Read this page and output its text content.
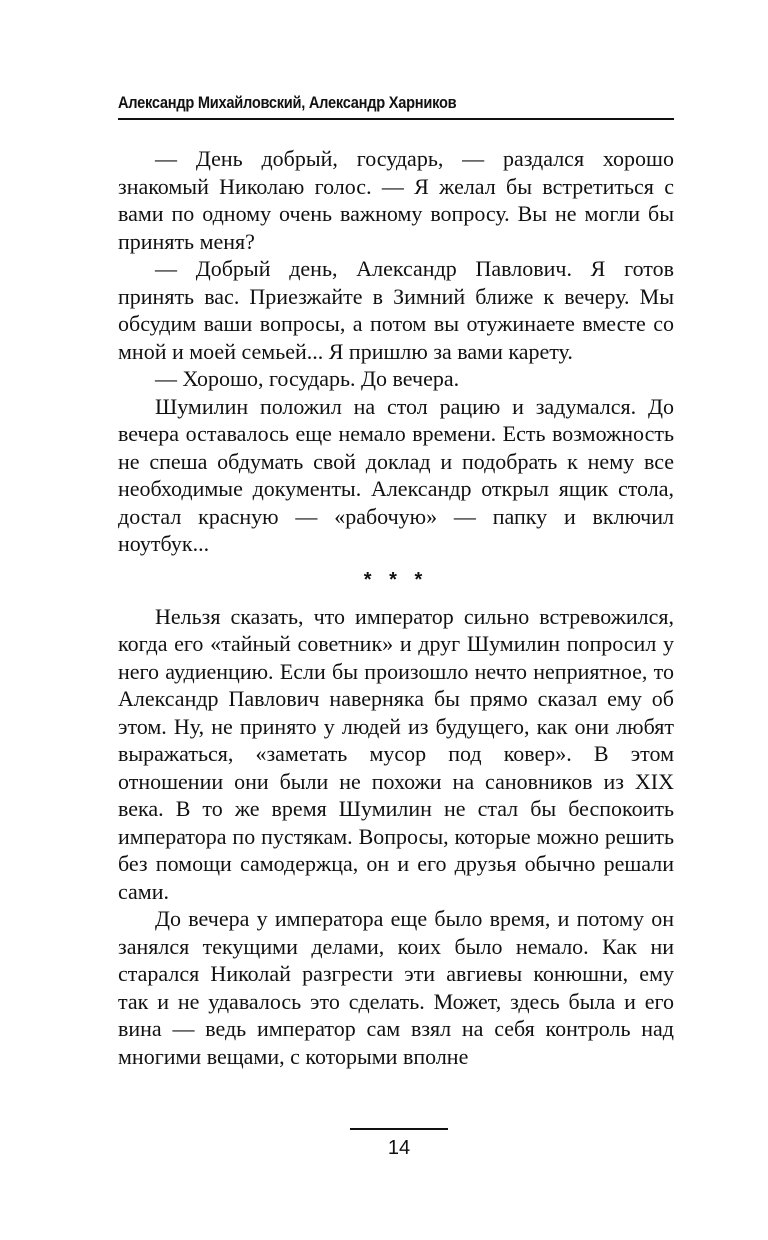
Александр Михайловский, Александр Харников

— День добрый, государь, — раздался хорошо знакомый Николаю голос. — Я желал бы встретиться с вами по одному очень важному вопросу. Вы не могли бы принять меня?

— Добрый день, Александр Павлович. Я готов принять вас. Приезжайте в Зимний ближе к вечеру. Мы обсудим ваши вопросы, а потом вы отужинаете вместе со мной и моей семьей... Я пришлю за вами карету.

— Хорошо, государь. До вечера.

Шумилин положил на стол рацию и задумался. До вечера оставалось еще немало времени. Есть возможность не спеша обдумать свой доклад и подобрать к нему все необходимые документы. Александр открыл ящик стола, достал красную — «рабочую» — папку и включил ноутбук...

* * *

Нельзя сказать, что император сильно встревожился, когда его «тайный советник» и друг Шумилин попросил у него аудиенцию. Если бы произошло нечто неприятное, то Александр Павлович наверняка бы прямо сказал ему об этом. Ну, не принято у людей из будущего, как они любят выражаться, «заметать мусор под ковер». В этом отношении они были не похожи на сановников из XIX века. В то же время Шумилин не стал бы беспокоить императора по пустякам. Вопросы, которые можно решить без помощи самодержца, он и его друзья обычно решали сами.

До вечера у императора еще было время, и потому он занялся текущими делами, коих было немало. Как ни старался Николай разгрести эти авгиевы конюшни, ему так и не удавалось это сделать. Может, здесь была и его вина — ведь император сам взял на себя контроль над многими вещами, с которыми вполне

14
